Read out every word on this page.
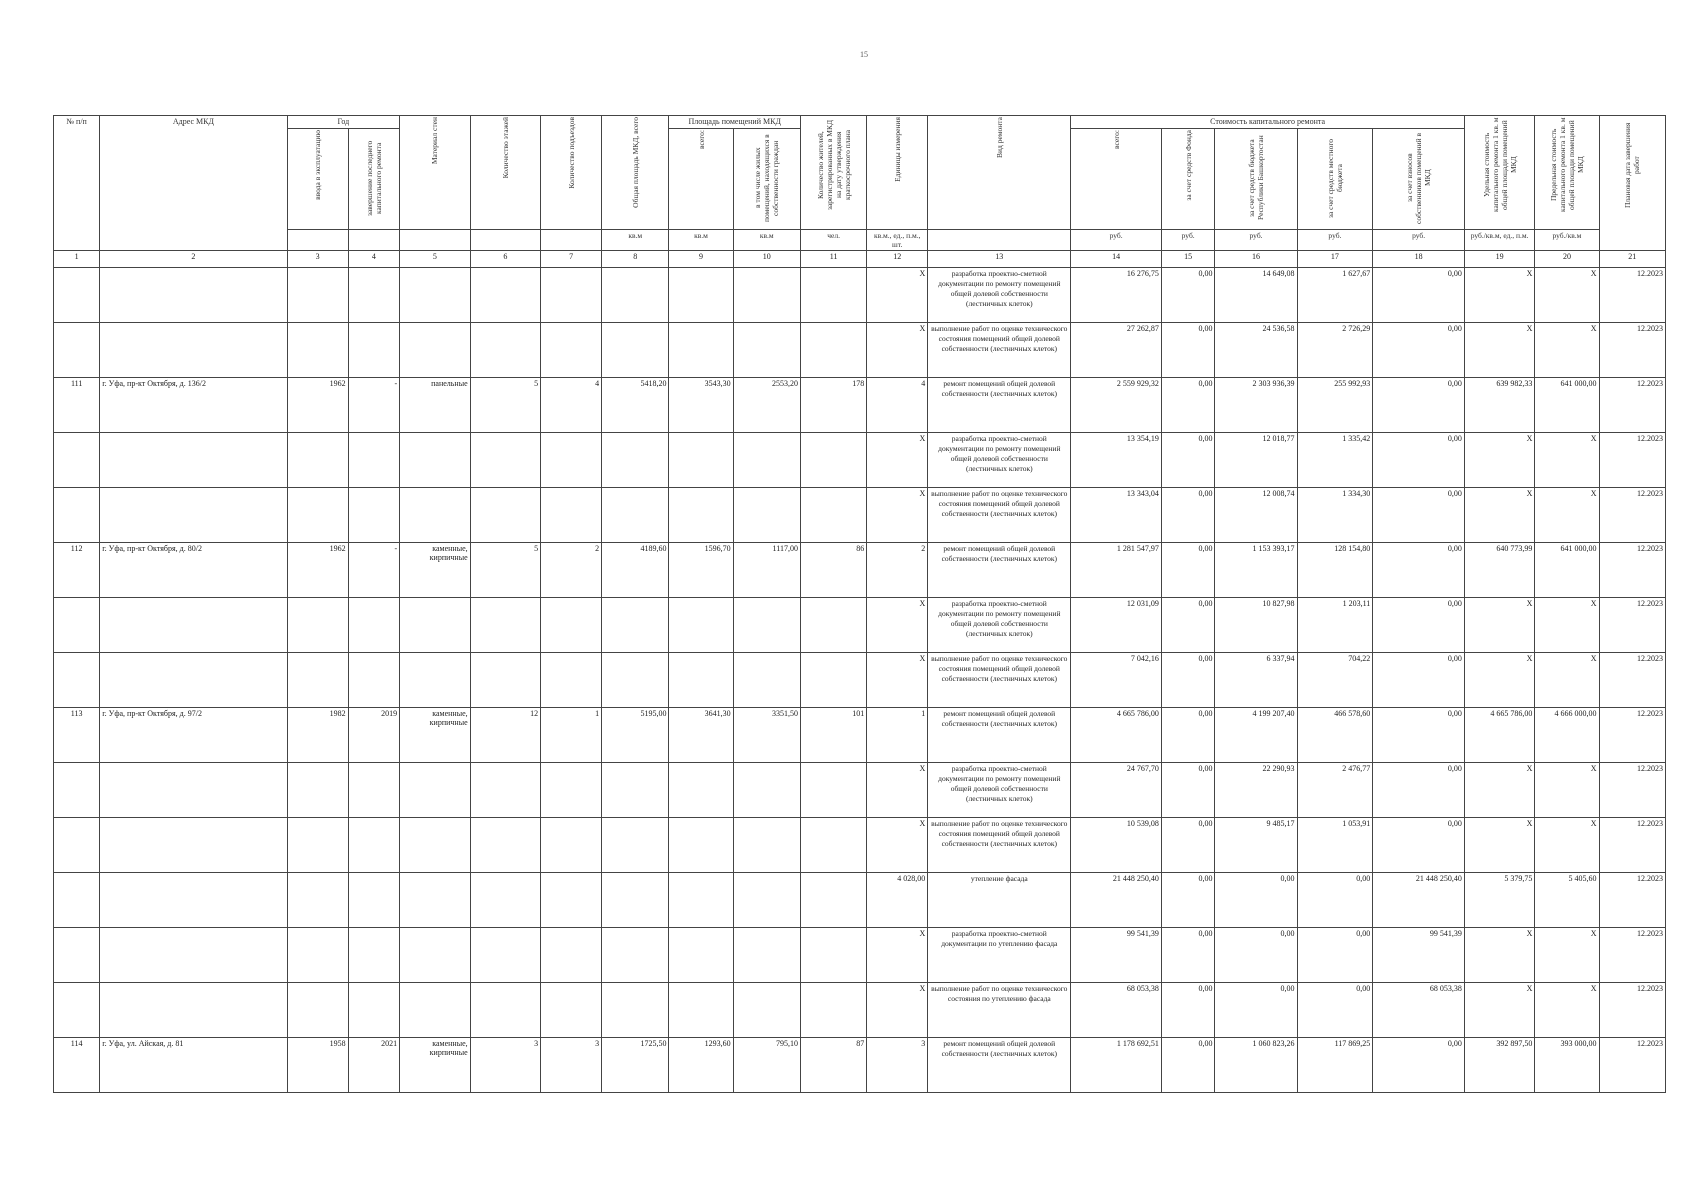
15
№ п/п	Адрес МКД	Год		Материал стен	Количество этажей	Количество подъездов	Общая площадь МКД, всего	Площадь помещений МКД		Количество жителей, зарегистрированных в МКД на дату утверждения краткосрочного плана	Единицы измерения	Вид ремонта	Стоимость капитального ремонта					Удельная стоимость капитального ремонта 1 кв. м общей площади помещений МКД	Предельная стоимость капитального ремонта 1 кв. м общей площади помещений МКД	Плановая дата завершения работ
		ввода в эксплуатацию	завершение последнего капитального ремонта					всего:	в том числе жилых помещений, находящихся в собственности граждан				всего:	за счет средств Фонда	за счет средств бюджета Республики Башкортостан	за счет средств местного бюджета	за счет взносов собственников помещений в МКД			
							кв.м	кв.м	кв.м	чел.	кв.м., ед., п.м., шт.		руб.	руб.	руб.	руб.	руб.	руб./кв.м, ед., п.м.	руб./кв.м	
1	2	3	4	5	6	7	8	9	10	11	12	13	14	15	16	17	18	19	20	21
											X	разработка проектно-сметной документации по ремонту помещений общей долевой собственности (лестничных клеток)	16 276,75	0,00	14 649,08	1 627,67	0,00	X	X	12.2023
											X	выполнение работ по оценке технического состояния помещений общей долевой собственности (лестничных клеток)	27 262,87	0,00	24 536,58	2 726,29	0,00	X	X	12.2023
111	г. Уфа, пр-кт Октября, д. 136/2	1962	-	панельные	5	4	5418,20	3543,30	2553,20	178	4	ремонт помещений общей долевой собственности (лестничных клеток)	2 559 929,32	0,00	2 303 936,39	255 992,93	0,00	639 982,33	641 000,00	12.2023
											X	разработка проектно-сметной документации по ремонту помещений общей долевой собственности (лестничных клеток)	13 354,19	0,00	12 018,77	1 335,42	0,00	X	X	12.2023
											X	выполнение работ по оценке технического состояния помещений общей долевой собственности (лестничных клеток)	13 343,04	0,00	12 008,74	1 334,30	0,00	X	X	12.2023
112	г. Уфа, пр-кт Октября, д. 80/2	1962	-	каменные, кирпичные	5	2	4189,60	1596,70	1117,00	86	2	ремонт помещений общей долевой собственности (лестничных клеток)	1 281 547,97	0,00	1 153 393,17	128 154,80	0,00	640 773,99	641 000,00	12.2023
											X	разработка проектно-сметной документации по ремонту помещений общей долевой собственности (лестничных клеток)	12 031,09	0,00	10 827,98	1 203,11	0,00	X	X	12.2023
											X	выполнение работ по оценке технического состояния помещений общей долевой собственности (лестничных клеток)	7 042,16	0,00	6 337,94	704,22	0,00	X	X	12.2023
113	г. Уфа, пр-кт Октября, д. 97/2	1982	2019	каменные, кирпичные	12	1	5195,00	3641,30	3351,50	101	1	ремонт помещений общей долевой собственности (лестничных клеток)	4 665 786,00	0,00	4 199 207,40	466 578,60	0,00	4 665 786,00	4 666 000,00	12.2023
											X	разработка проектно-сметной документации по ремонту помещений общей долевой собственности (лестничных клеток)	24 767,70	0,00	22 290,93	2 476,77	0,00	X	X	12.2023
											X	выполнение работ по оценке технического состояния помещений общей долевой собственности (лестничных клеток)	10 539,08	0,00	9 485,17	1 053,91	0,00	X	X	12.2023
											4 028,00	утепление фасада	21 448 250,40	0,00	0,00	0,00	21 448 250,40	5 379,75	5 405,60	12.2023
											X	разработка проектно-сметной документации по утеплению фасада	99 541,39	0,00	0,00	0,00	99 541,39	X	X	12.2023
											X	выполнение работ по оценке технического состояния по утеплению фасада	68 053,38	0,00	0,00	0,00	68 053,38	X	X	12.2023
114	г. Уфа, ул. Айская, д. 81	1958	2021	каменные, кирпичные	3	3	1725,50	1293,60	795,10	87	3	ремонт помещений общей долевой собственности (лестничных клеток)	1 178 692,51	0,00	1 060 823,26	117 869,25	0,00	392 897,50	393 000,00	12.2023
